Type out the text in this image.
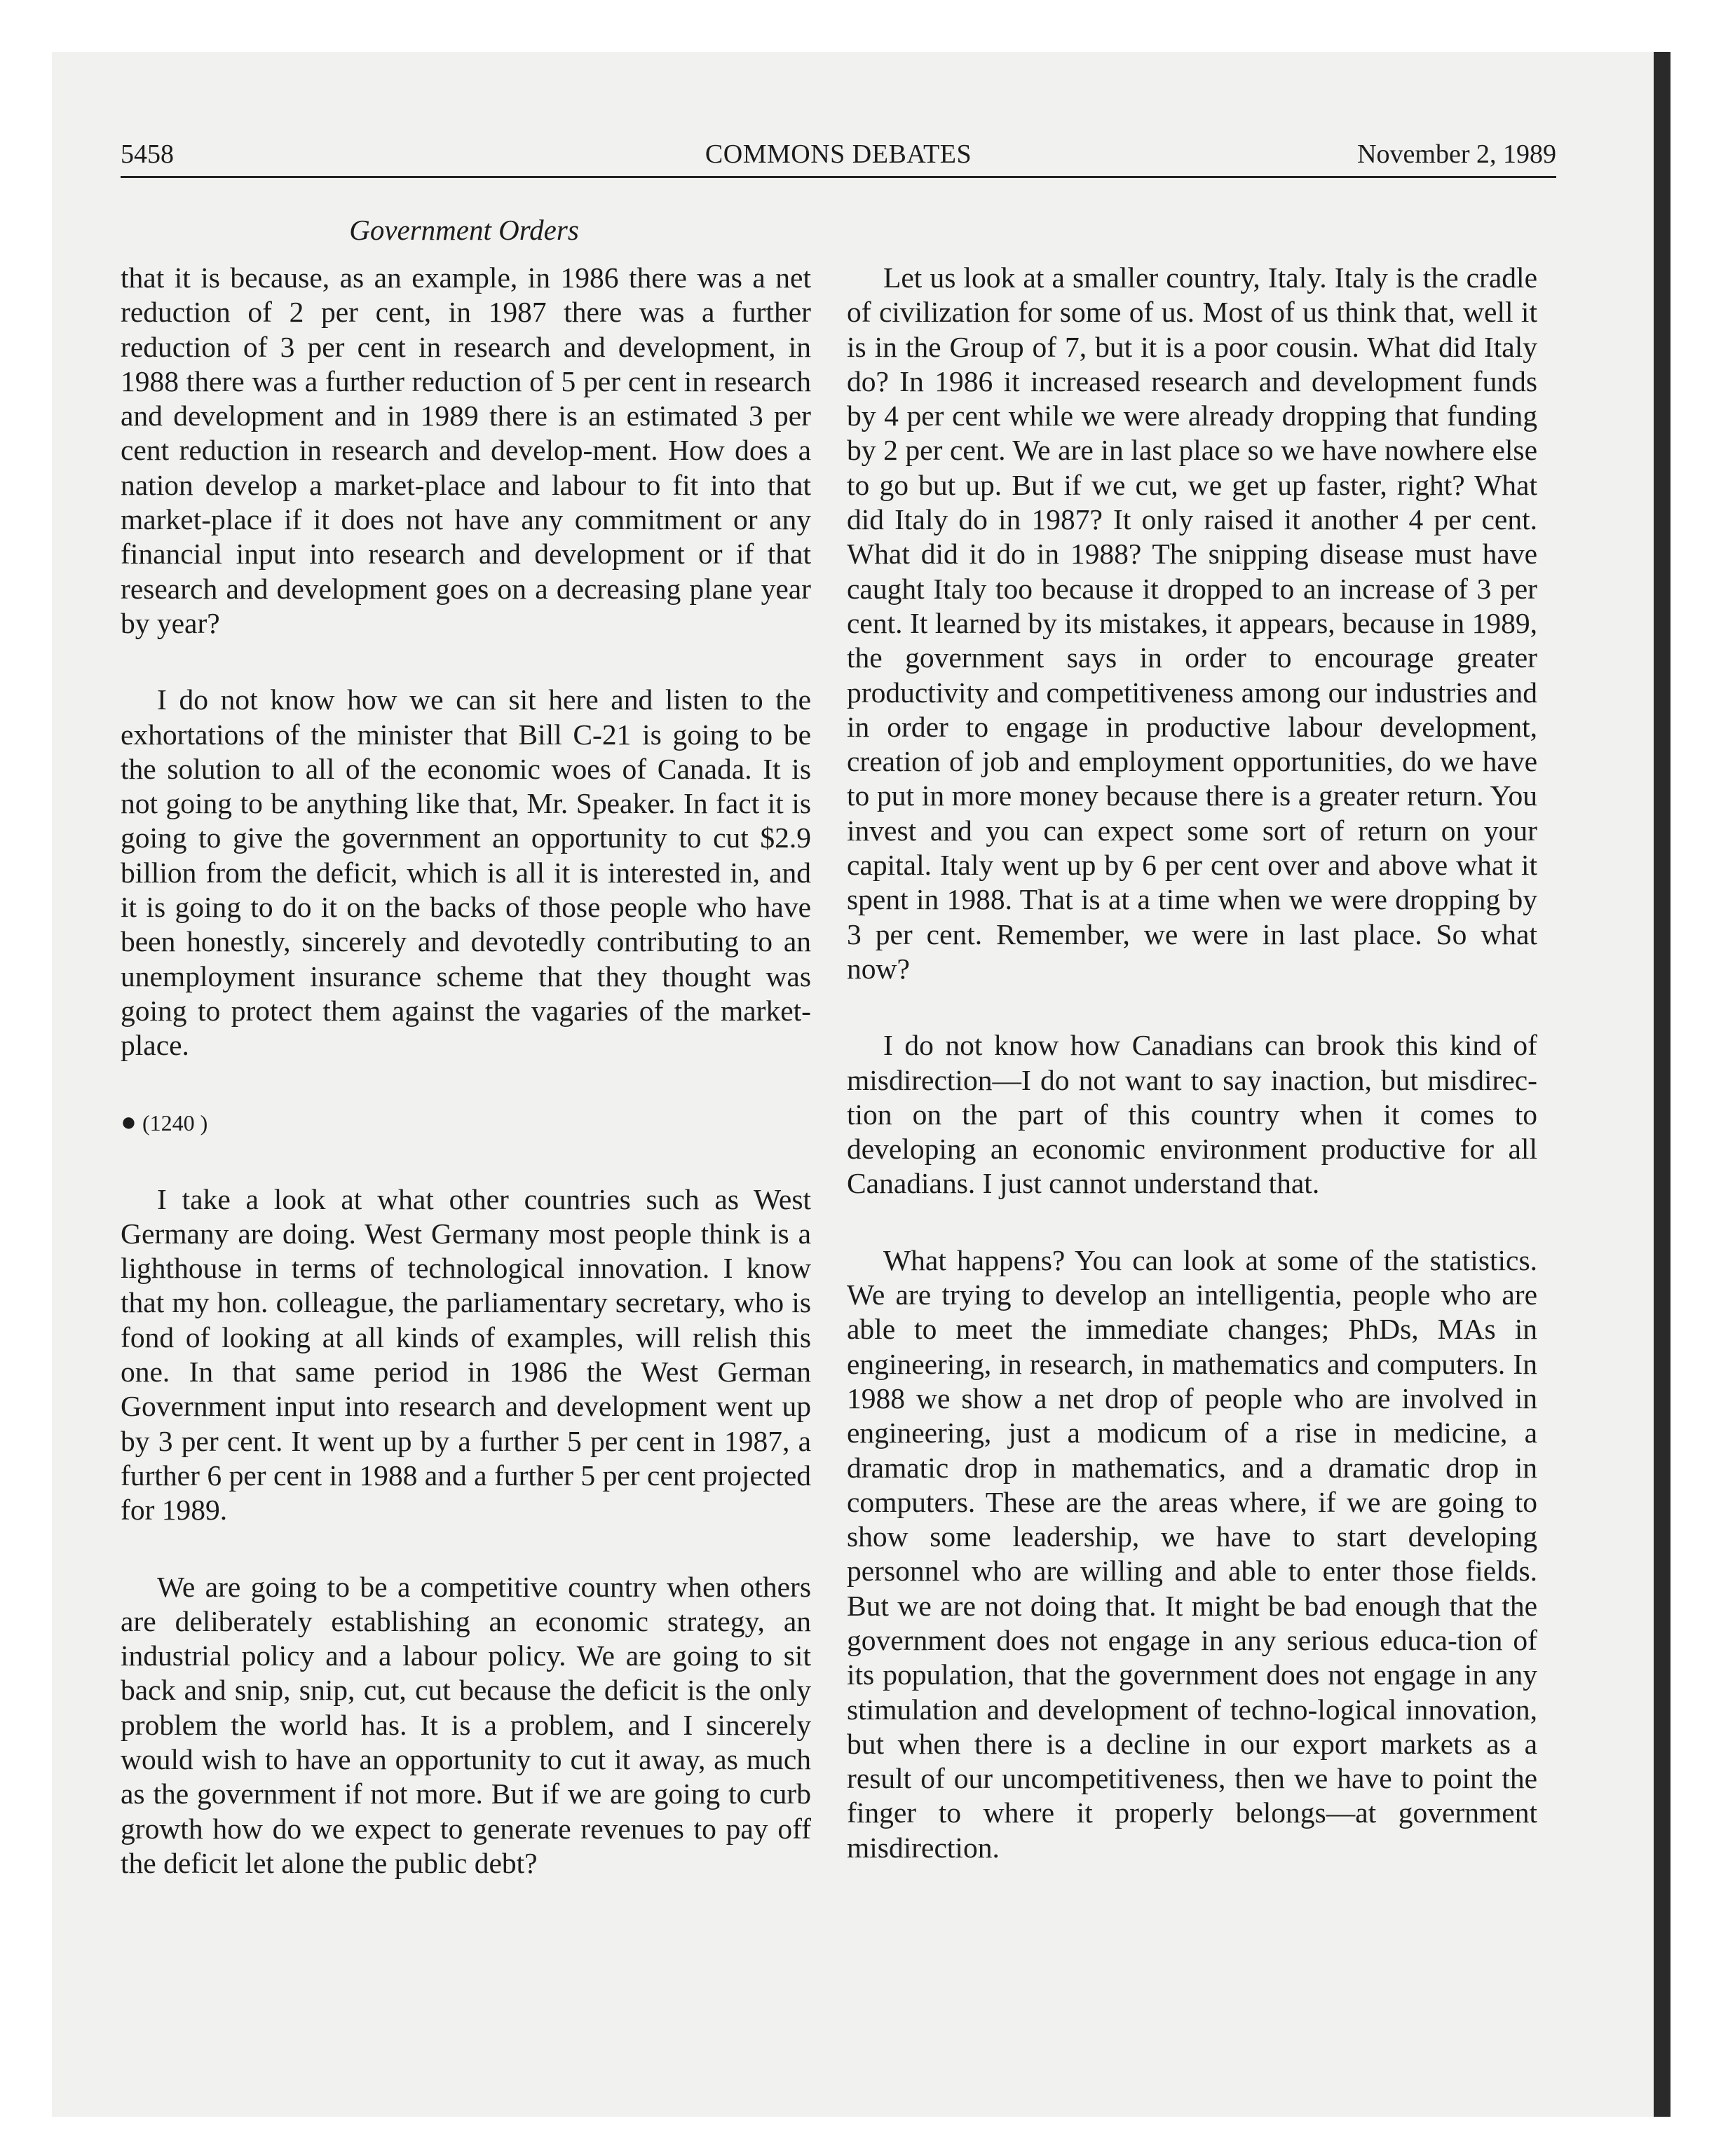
5458	COMMONS DEBATES	November 2, 1989
Government Orders

that it is because, as an example, in 1986 there was a net reduction of 2 per cent, in 1987 there was a further reduction of 3 per cent in research and development, in 1988 there was a further reduction of 5 per cent in research and development and in 1989 there is an estimated 3 per cent reduction in research and develop-ment. How does a nation develop a market-place and labour to fit into that market-place if it does not have any commitment or any financial input into research and development or if that research and development goes on a decreasing plane year by year?

I do not know how we can sit here and listen to the exhortations of the minister that Bill C-21 is going to be the solution to all of the economic woes of Canada. It is not going to be anything like that, Mr. Speaker. In fact it is going to give the government an opportunity to cut $2.9 billion from the deficit, which is all it is interested in, and it is going to do it on the backs of those people who have been honestly, sincerely and devotedly contributing to an unemployment insurance scheme that they thought was going to protect them against the vagaries of the market-place.

● (1240 )

I take a look at what other countries such as West Germany are doing. West Germany most people think is a lighthouse in terms of technological innovation. I know that my hon. colleague, the parliamentary secretary, who is fond of looking at all kinds of examples, will relish this one. In that same period in 1986 the West German Government input into research and development went up by 3 per cent. It went up by a further 5 per cent in 1987, a further 6 per cent in 1988 and a further 5 per cent projected for 1989.

We are going to be a competitive country when others are deliberately establishing an economic strategy, an industrial policy and a labour policy. We are going to sit back and snip, snip, cut, cut because the deficit is the only problem the world has. It is a problem, and I sincerely would wish to have an opportunity to cut it away, as much as the government if not more. But if we are going to curb growth how do we expect to generate revenues to pay off the deficit let alone the public debt?

Let us look at a smaller country, Italy. Italy is the cradle of civilization for some of us. Most of us think that, well it is in the Group of 7, but it is a poor cousin. What did Italy do? In 1986 it increased research and development funds by 4 per cent while we were already dropping that funding by 2 per cent. We are in last place so we have nowhere else to go but up. But if we cut, we get up faster, right? What did Italy do in 1987? It only raised it another 4 per cent. What did it do in 1988? The snipping disease must have caught Italy too because it dropped to an increase of 3 per cent. It learned by its mistakes, it appears, because in 1989, the government says in order to encourage greater productivity and competitiveness among our industries and in order to engage in productive labour development, creation of job and employment opportunities, do we have to put in more money because there is a greater return. You invest and you can expect some sort of return on your capital. Italy went up by 6 per cent over and above what it spent in 1988. That is at a time when we were dropping by 3 per cent. Remember, we were in last place. So what now?

I do not know how Canadians can brook this kind of misdirection—I do not want to say inaction, but misdirec-tion on the part of this country when it comes to developing an economic environment productive for all Canadians. I just cannot understand that.

What happens? You can look at some of the statistics. We are trying to develop an intelligentia, people who are able to meet the immediate changes; PhDs, MAs in engineering, in research, in mathematics and computers. In 1988 we show a net drop of people who are involved in engineering, just a modicum of a rise in medicine, a dramatic drop in mathematics, and a dramatic drop in computers. These are the areas where, if we are going to show some leadership, we have to start developing personnel who are willing and able to enter those fields. But we are not doing that. It might be bad enough that the government does not engage in any serious educa-tion of its population, that the government does not engage in any stimulation and development of techno-logical innovation, but when there is a decline in our export markets as a result of our uncompetitiveness, then we have to point the finger to where it properly belongs—at government misdirection.
